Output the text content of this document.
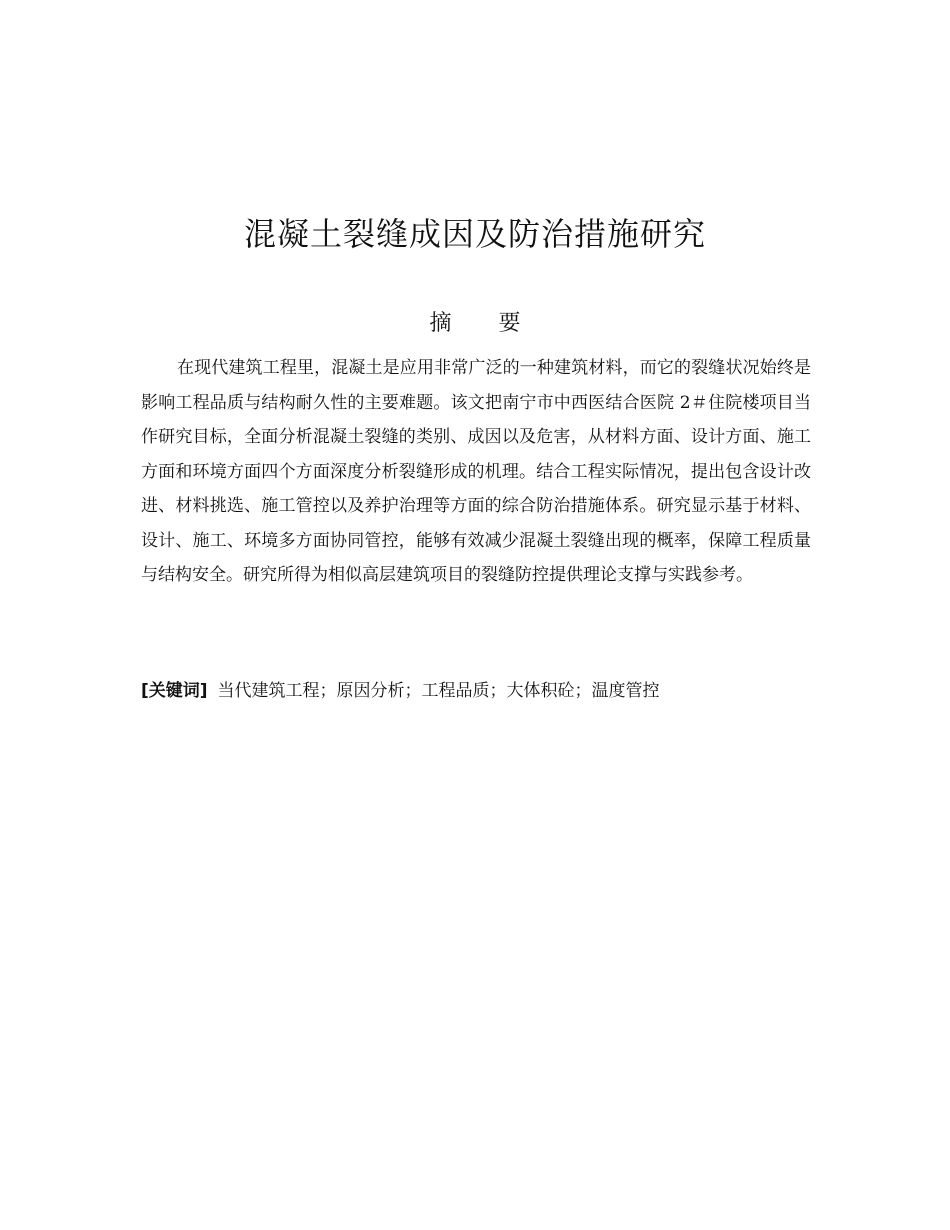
混凝土裂缝成因及防治措施研究
摘 要

在现代建筑工程里，混凝土是应用非常广泛的一种建筑材料，而它的裂缝状况始终是影响工程品质与结构耐久性的主要难题。该文把南宁市中西医结合医院 2＃住院楼项目当作研究目标，全面分析混凝土裂缝的类别、成因以及危害，从材料方面、设计方面、施工方面和环境方面四个方面深度分析裂缝形成的机理。结合工程实际情况，提出包含设计改进、材料挑选、施工管控以及养护治理等方面的综合防治措施体系。研究显示基于材料、设计、施工、环境多方面协同管控，能够有效减少混凝土裂缝出现的概率，保障工程质量与结构安全。研究所得为相似高层建筑项目的裂缝防控提供理论支撑与实践参考。

[关键词] 当代建筑工程；原因分析；工程品质；大体积砼；温度管控
